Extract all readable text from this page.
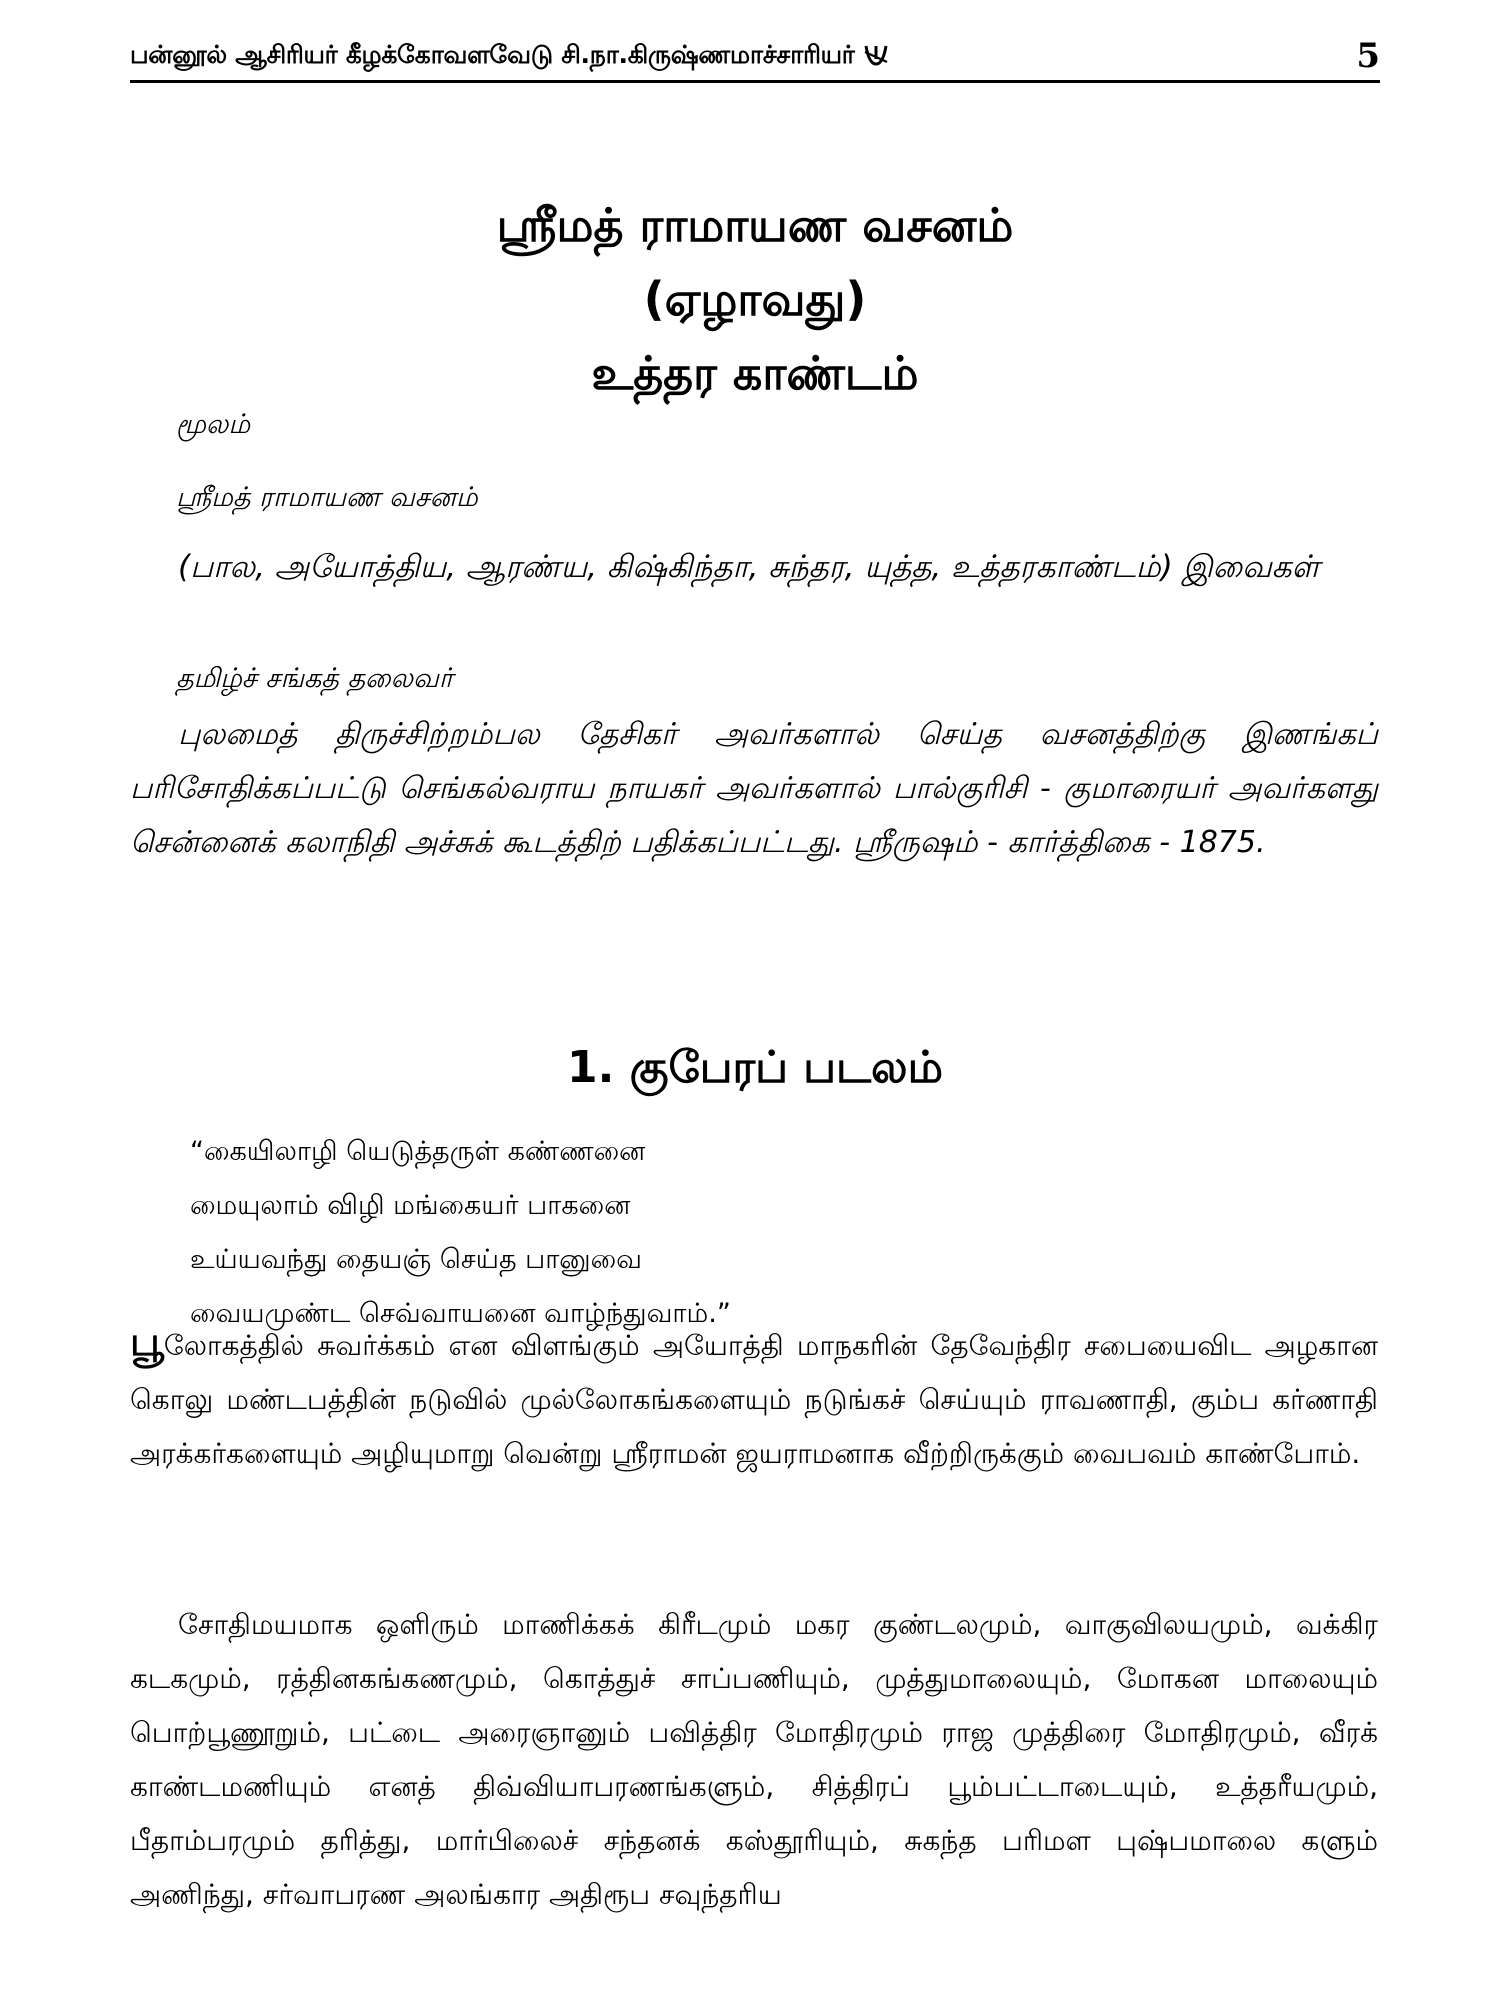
பன்னூல் ஆசிரியர் கீழக்கோவளவேடு சி.நா.கிருஷ்ணமாச்சாரியர்	5
ஸ்ரீமத் ராமாயண வசனம்
(ஏழாவது)
உத்தர காண்டம்
மூலம்
ஸ்ரீமத் ராமாயண வசனம்
(பால, அயோத்திய, ஆரண்ய, கிஷ்கிந்தா, சுந்தர, யுத்த, உத்தரகாண்டம்) இவைகள்
தமிழ்ச் சங்கத் தலைவர்
புலமைத் திருச்சிற்றம்பல தேசிகர் அவர்களால் செய்த வசனத்திற்கு இணங்கப் பரிசோதிக்கப்பட்டு செங்கல்வராய நாயகர் அவர்களால் பால்குரிசி - குமாரையர் அவர்களது சென்னைக் கலாநிதி அச்சுக் கூடத்திற் பதிக்கப்பட்டது. ஸ்ரீருஷம் - கார்த்திகை - 1875.
1. குபேரப் படலம்
“கையிலாழி யெடுத்தருள் கண்ணனை
மையுலாம் விழி மங்கையர் பாகனை
உய்யவந்து தையஞ் செய்த பானுவை
வையமுண்ட செவ்வாயனை வாழ்ந்துவாம்.”
பூலோகத்தில் சுவர்க்கம் என விளங்கும் அயோத்தி மாநகரின் தேவேந்திர சபையைவிட அழகான கொலு மண்டபத்தின் நடுவில் முல்லோகங்களையும் நடுங்கச் செய்யும் ராவணாதி, கும்ப கர்ணாதி அரக்கர்களையும் அழியுமாறு வென்று ஸ்ரீராமன் ஜயராமனாக வீற்றிருக்கும் வைபவம் காண்போம்.
சோதிமயமாக ஒளிரும் மாணிக்கக் கிரீடமும் மகர குண்டலமும், வாகுவிலயமும், வக்கிர கடகமும், ரத்தினகங்கணமும், கொத்துச் சாப்பணியும், முத்துமாலையும், மோகன மாலையும் பொற்பூணூறும், பட்டை அரைஞானும் பவித்திர மோதிரமும் ராஜ முத்திரை மோதிரமும், வீரக் காண்டமணியும் எனத் திவ்வியாபரணங்களும், சித்திரப் பூம்பட்டாடையும், உத்தரீயமும், பீதாம்பரமும் தரித்து, மார்பிலைச் சந்தனக் கஸ்தூரியும், சுகந்த பரிமள புஷ்பமாலை களும் அணிந்து, சர்வாபரண அலங்கார அதிரூப சவுந்தரிய
